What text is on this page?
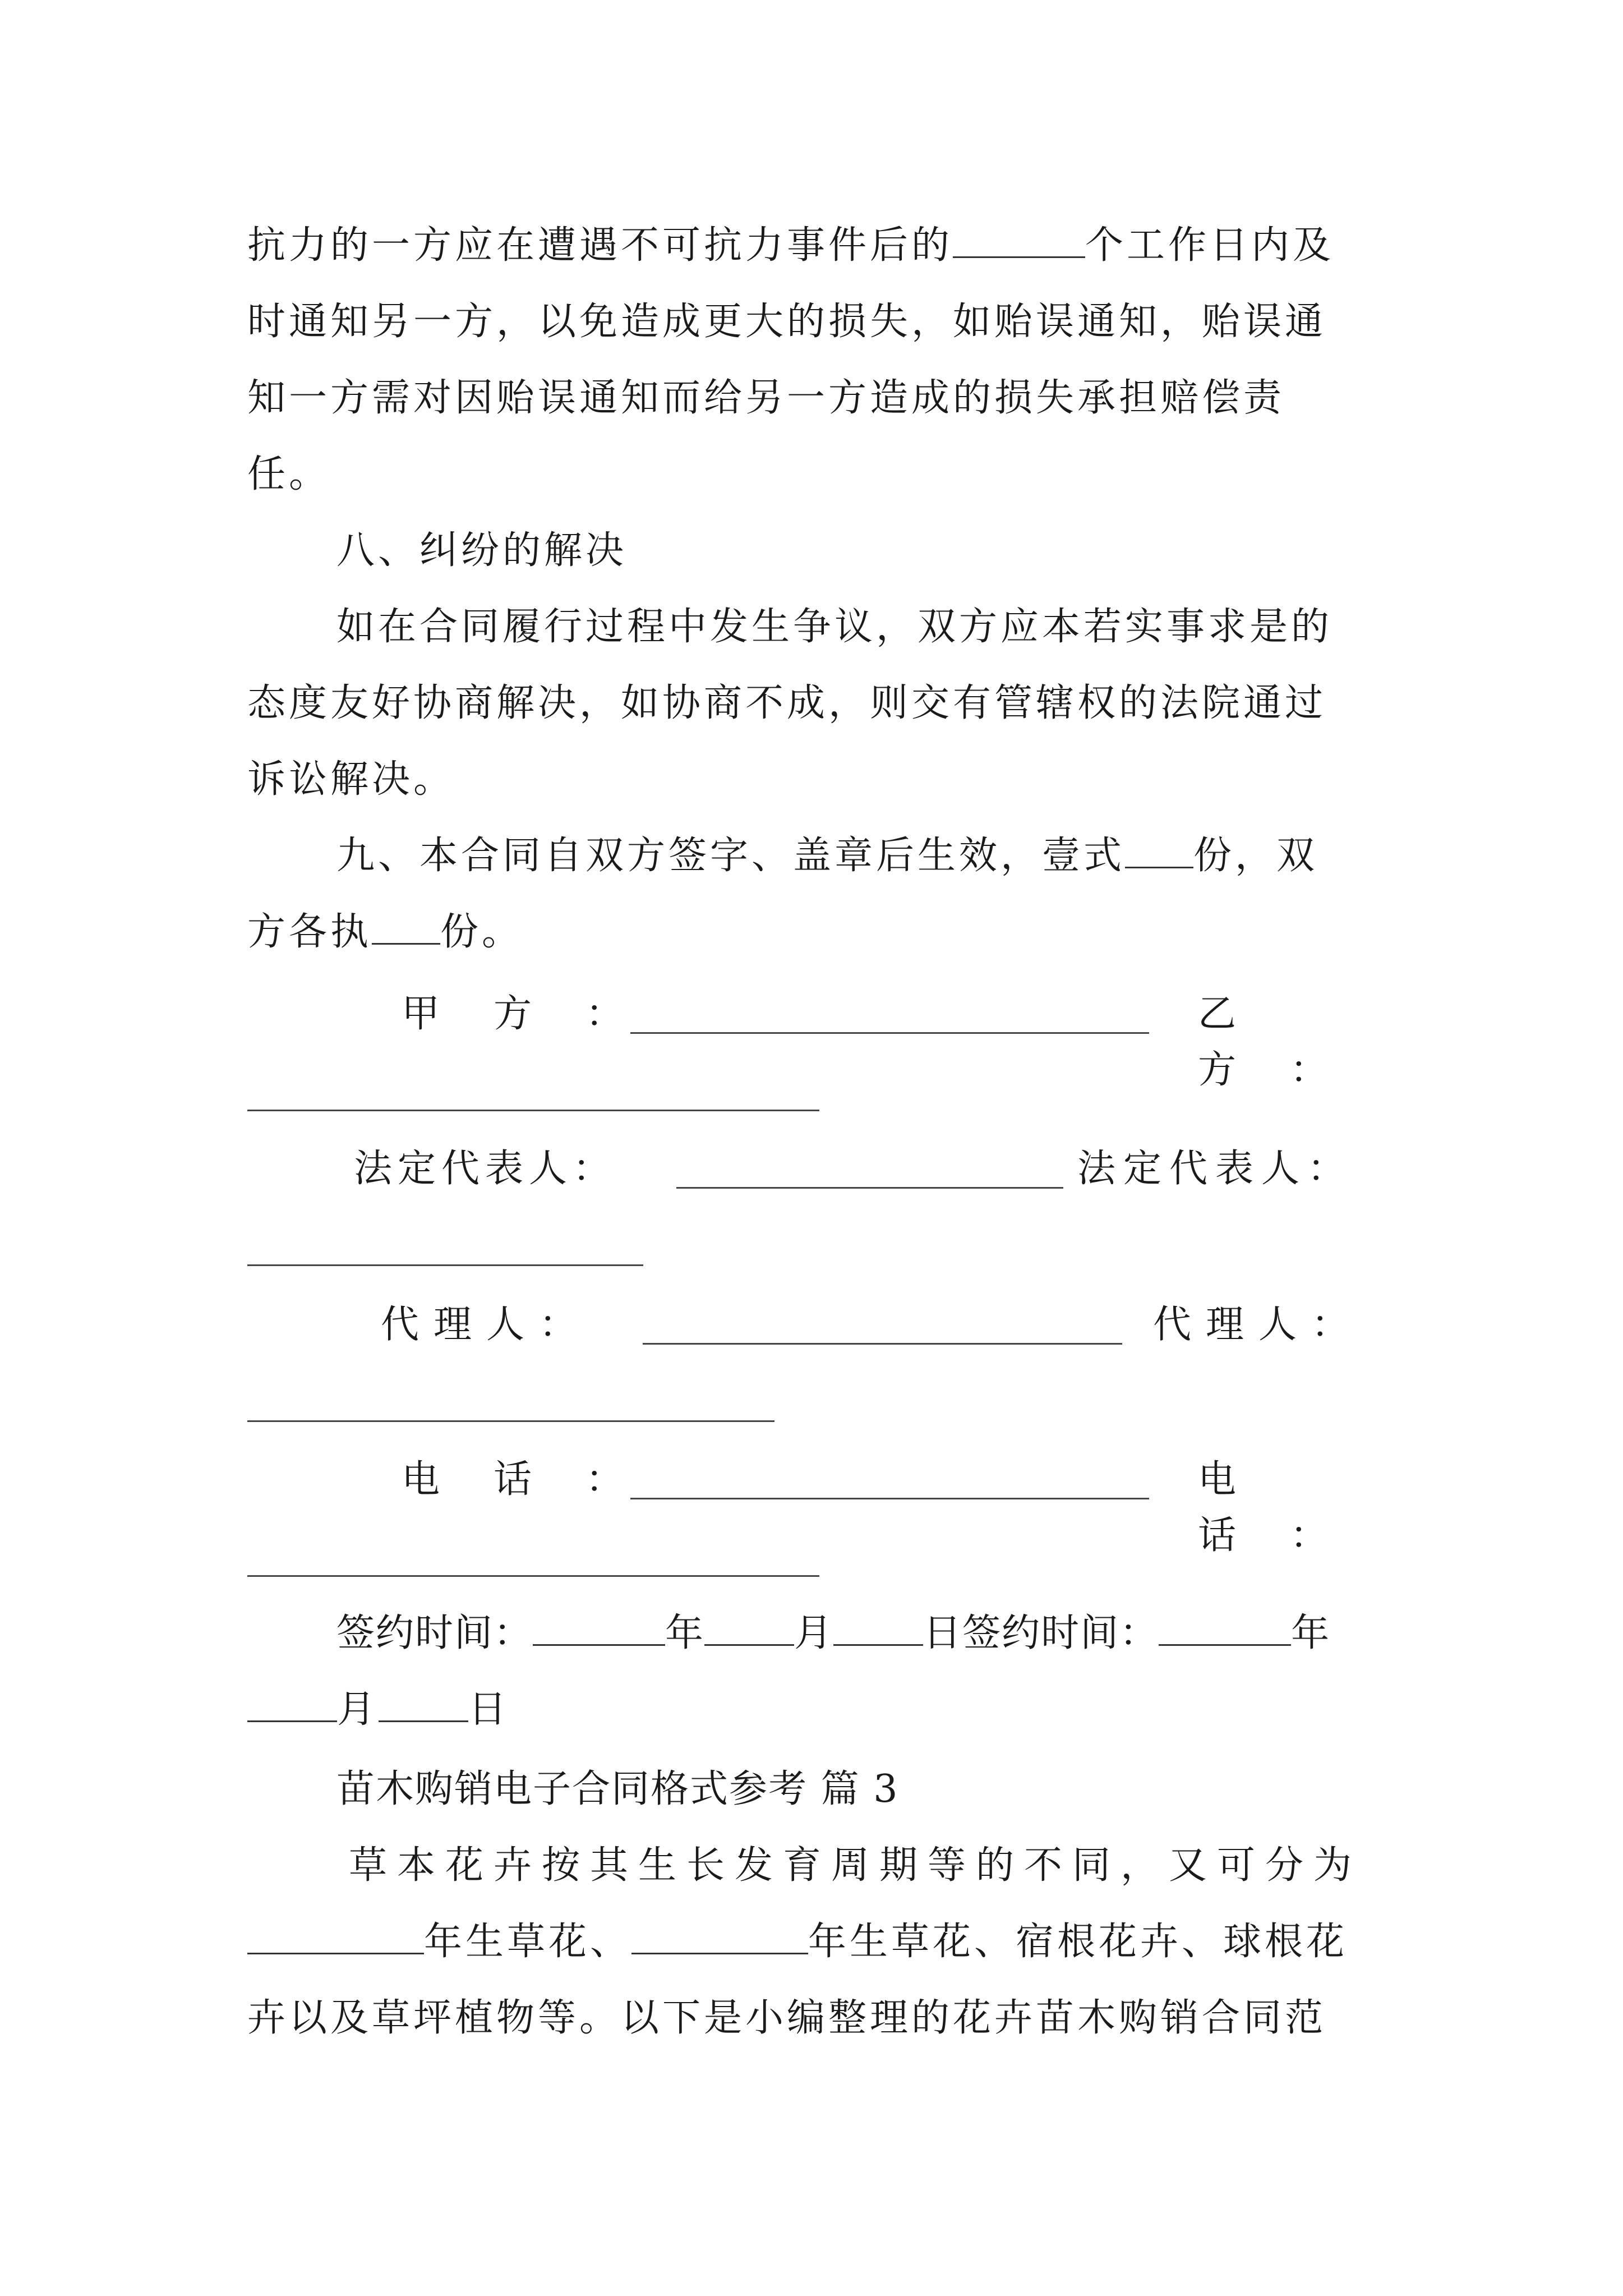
抗力的一方应在遭遇不可抗力事件后的	个工作日内及
时通知另一方，以免造成更大的损失，如贻误通知，贻误通
知一方需对因贻误通知而给另一方造成的损失承担赔偿责
任。
八、纠纷的解决
如在合同履行过程中发生争议，双方应本若实事求是的
态度友好协商解决，如协商不成，则交有管辖权的法院通过
诉讼解决。
九、本合同自双方签字、盖章后生效，壹式 份，双
方各执 份。
甲　方　：	乙　方　：
法定代表人：	法定代表人：
代理人：	代理人：
电　话　：	电　话　：
签约时间：	年 月 日签约时间：	年
月 日
苗木购销电子合同格式参考 篇 3
草本花卉按其生长发育周期等的不同，又可分为
年生草花、	年生草花、宿根花卉、球根花
卉以及草坪植物等。以下是小编整理的花卉苗木购销合同范
